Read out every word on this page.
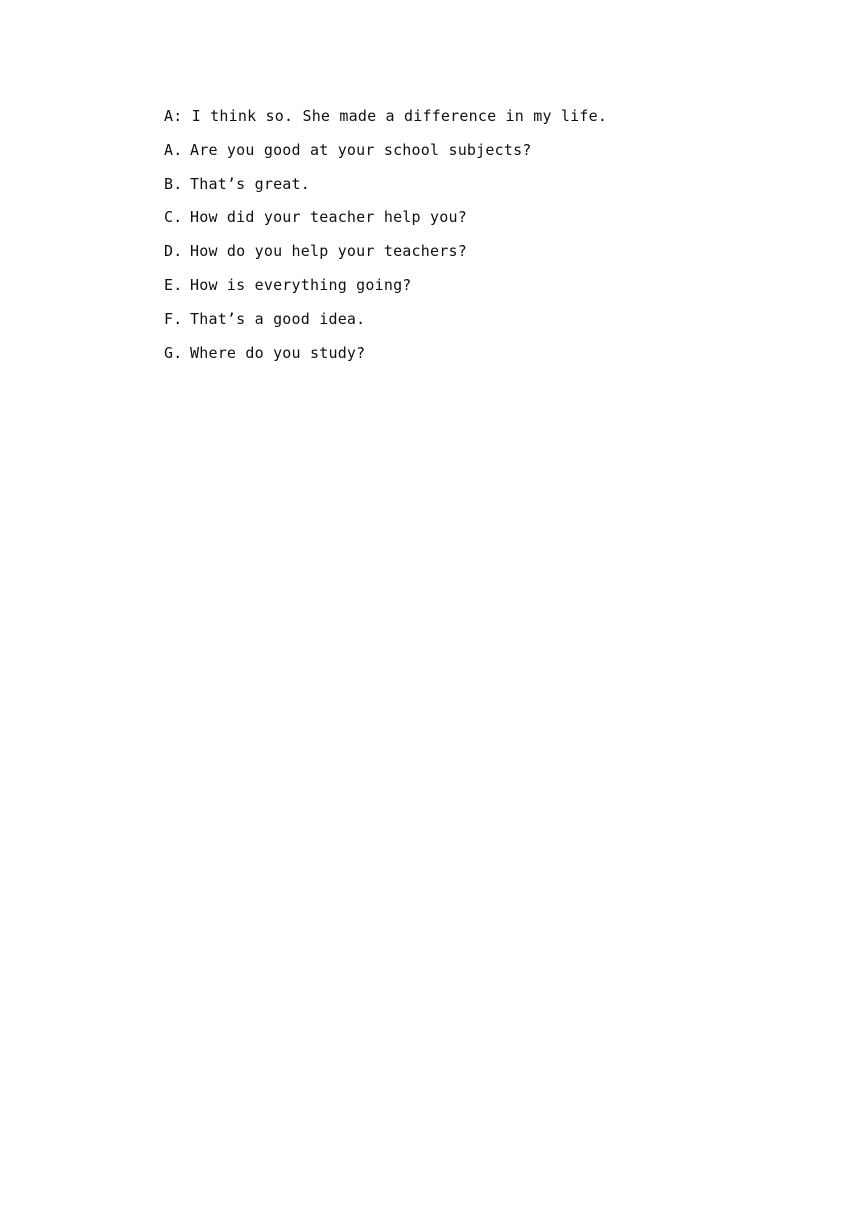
A: I think so. She made a difference in my life.
A. Are you good at your school subjects?
B. That’s great.
C. How did your teacher help you?
D. How do you help your teachers?
E. How is everything going?
F. That’s a good idea.
G. Where do you study?
